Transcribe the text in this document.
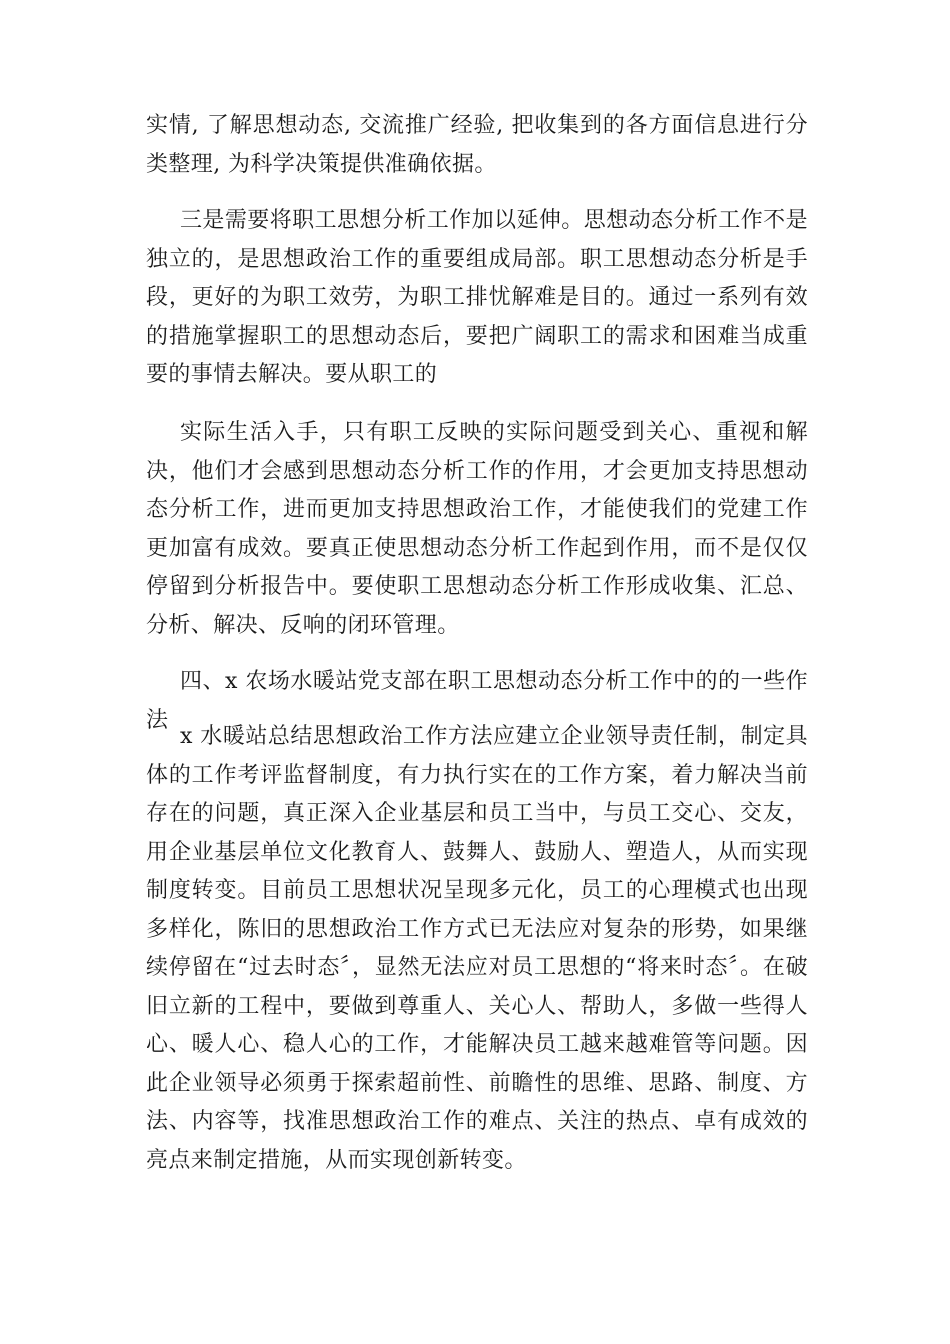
实情, 了解思想动态, 交流推广经验, 把收集到的各方面信息进行分类整理, 为科学决策提供准确依据。

三是需要将职工思想分析工作加以延伸。思想动态分析工作不是独立的，是思想政治工作的重要组成局部。职工思想动态分析是手段，更好的为职工效劳，为职工排忧解难是目的。通过一系列有效的措施掌握职工的思想动态后，要把广阔职工的需求和困难当成重要的事情去解决。要从职工的

实际生活入手，只有职工反映的实际问题受到关心、重视和解决，他们才会感到思想动态分析工作的作用，才会更加支持思想动态分析工作，进而更加支持思想政治工作，才能使我们的党建工作更加富有成效。要真正使思想动态分析工作起到作用，而不是仅仅停留到分析报告中。要使职工思想动态分析工作形成收集、汇总、分析、解决、反响的闭环管理。

四、x 农场水暖站党支部在职工思想动态分析工作中的的一些作法

x 水暖站总结思想政治工作方法应建立企业领导责任制，制定具体的工作考评监督制度，有力执行实在的工作方案，着力解决当前存在的问题，真正深入企业基层和员工当中，与员工交心、交友，用企业基层单位文化教育人、鼓舞人、鼓励人、塑造人，从而实现制度转变。目前员工思想状况呈现多元化，员工的心理模式也出现多样化，陈旧的思想政治工作方式已无法应对复杂的形势，如果继续停留在“过去时态〞，显然无法应对员工思想的“将来时态〞。在破旧立新的工程中，要做到尊重人、关心人、帮助人，多做一些得人心、暖人心、稳人心的工作，才能解决员工越来越难管等问题。因此企业领导必须勇于探索超前性、前瞻性的思维、思路、制度、方法、内容等，找准思想政治工作的难点、关注的热点、卓有成效的亮点来制定措施，从而实现创新转变。
